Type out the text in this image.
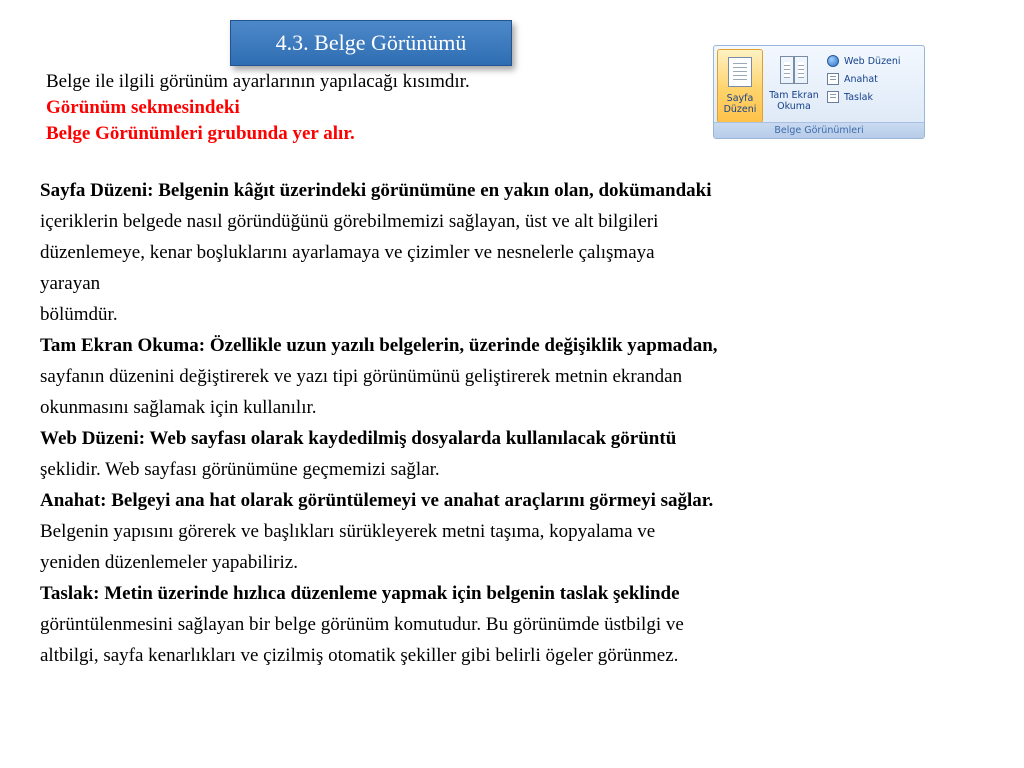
4.3. Belge Görünümü
Belge ile ilgili görünüm ayarlarının yapılacağı kısımdır.
Görünüm sekmesindeki
Belge Görünümleri grubunda yer alır.
Sayfa
Düzeni
Tam Ekran
Okuma
Web Düzeni
Anahat
Taslak
Belge Görünümleri

Sayfa Düzeni: Belgenin kâğıt üzerindeki görünümüne en yakın olan, dokümandaki

içeriklerin belgede nasıl göründüğünü görebilmemizi sağlayan, üst ve alt bilgileri

düzenlemeye, kenar boşluklarını ayarlamaya ve çizimler ve nesnelerle çalışmaya

yarayan

bölümdür.

Tam Ekran Okuma: Özellikle uzun yazılı belgelerin, üzerinde değişiklik yapmadan,

sayfanın düzenini değiştirerek ve yazı tipi görünümünü geliştirerek metnin ekrandan

okunmasını sağlamak için kullanılır.

Web Düzeni: Web sayfası olarak kaydedilmiş dosyalarda kullanılacak görüntü

şeklidir. Web sayfası görünümüne geçmemizi sağlar.

Anahat: Belgeyi ana hat olarak görüntülemeyi ve anahat araçlarını görmeyi sağlar.

Belgenin yapısını görerek ve başlıkları sürükleyerek metni taşıma, kopyalama ve

yeniden düzenlemeler yapabiliriz.

Taslak: Metin üzerinde hızlıca düzenleme yapmak için belgenin taslak şeklinde

görüntülenmesini sağlayan bir belge görünüm komutudur. Bu görünümde üstbilgi ve

altbilgi, sayfa kenarlıkları ve çizilmiş otomatik şekiller gibi belirli ögeler görünmez.
